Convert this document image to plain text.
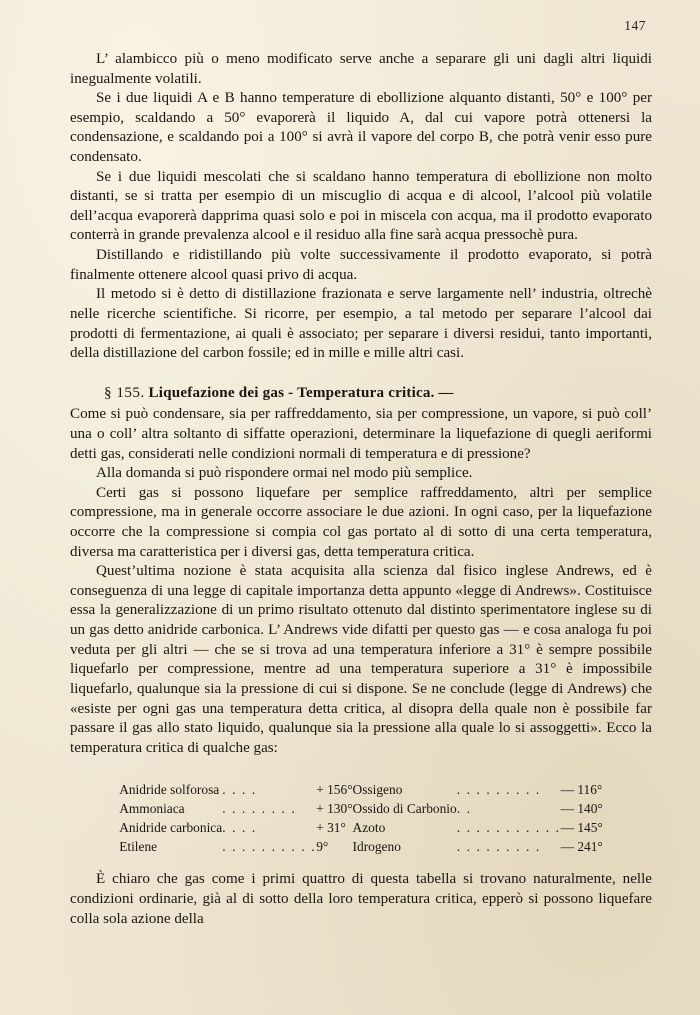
147

L’ alambicco più o meno modificato serve anche a separare gli uni dagli altri liquidi inegualmente volatili.

Se i due liquidi A e B hanno temperature di ebollizione alquanto distanti, 50° e 100° per esempio, scaldando a 50° evaporerà il liquido A, dal cui vapore potrà ottenersi la condensazione, e scaldando poi a 100° si avrà il vapore del corpo B, che potrà venir esso pure condensato.

Se i due liquidi mescolati che si scaldano hanno temperatura di ebollizione non molto distanti, se si tratta per esempio di un miscuglio di acqua e di alcool, l’alcool più volatile dell’acqua evaporerà dapprima quasi solo e poi in miscela con acqua, ma il prodotto evaporato conterrà in grande prevalenza alcool e il residuo alla fine sarà acqua pressochè pura.

Distillando e ridistillando più volte successivamente il prodotto evaporato, si potrà finalmente ottenere alcool quasi privo di acqua.

Il metodo si è detto di distillazione frazionata e serve largamente nell’ industria, oltrechè nelle ricerche scientifiche. Si ricorre, per esempio, a tal metodo per separare l’alcool dai prodotti di fermentazione, ai quali è associato; per separare i diversi residui, tanto importanti, della distillazione del carbon fossile; ed in mille e mille altri casi.

§ 155. Liquefazione dei gas - Temperatura critica. —

Come si può condensare, sia per raffreddamento, sia per compressione, un vapore, si può coll’ una o coll’ altra soltanto di siffatte operazioni, determinare la liquefazione di quegli aeriformi detti gas, considerati nelle condizioni normali di temperatura e di pressione?

Alla domanda si può rispondere ormai nel modo più semplice.

Certi gas si possono liquefare per semplice raffreddamento, altri per semplice compressione, ma in generale occorre associare le due azioni. In ogni caso, per la liquefazione occorre che la compressione si compia col gas portato al di sotto di una certa temperatura, diversa ma caratteristica per i diversi gas, detta temperatura critica.

Quest’ultima nozione è stata acquisita alla scienza dal fisico inglese Andrews, ed è conseguenza di una legge di capitale importanza detta appunto «legge di Andrews». Costituisce essa la generalizzazione di un primo risultato ottenuto dal distinto sperimentatore inglese su di un gas detto anidride carbonica. L’ Andrews vide difatti per questo gas — e cosa analoga fu poi veduta per gli altri — che se si trova ad una temperatura inferiore a 31° è sempre possibile liquefarlo per compressione, mentre ad una temperatura superiore a 31° è impossibile liquefarlo, qualunque sia la pressione di cui si dispone. Se ne conclude (legge di Andrews) che «esiste per ogni gas una temperatura detta critica, al disopra della quale non è possibile far passare il gas allo stato liquido, qualunque sia la pressione alla quale lo si assoggetti». Ecco la temperatura critica di qualche gas:

Anidride solforosa	. . . .	+ 156°		Ossigeno	. . . . . . . . .	— 116°
Ammoniaca	. . . . . . . .	+ 130°		Ossido di Carbonio	. .	— 140°
Anidride carbonica	. . . .	+ 31°		Azoto	. . . . . . . . . . .	— 145°
Etilene	. . . . . . . . . .	9°		Idrogeno	. . . . . . . . .	— 241°

È chiaro che gas come i primi quattro di questa tabella si trovano naturalmente, nelle condizioni ordinarie, già al di sotto della loro temperatura critica, epperò si possono liquefare colla sola azione della
